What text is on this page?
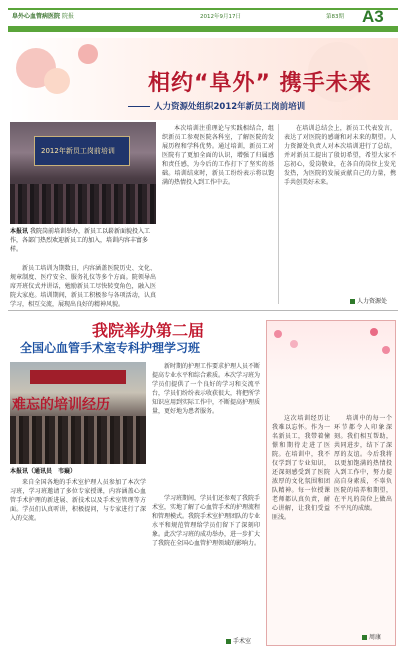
阜外心血管病医院 院报	2012年9月17日	第83期 A3
相约“阜外” 携手未来
人力资源处组织2012年新员工岗前培训
2012年新员工岗前培训
本报讯 我院岗前培训举办，新员工以崭新面貌投入工作，各部门热烈欢迎新员工的加入，培训内容丰富多样。

新员工培训为期数日，内容涵盖医院历史、文化、规章制度、医疗安全、服务礼仪等多个方面。院领导出席开班仪式并讲话，勉励新员工尽快转变角色，融入医院大家庭。培训期间，新员工积极参与各项活动，认真学习，相互交流，展现出良好的精神风貌。

本次培训注重理论与实践相结合，组织新员工参观医院各科室，了解医院的发展历程和学科优势。通过培训，新员工对医院有了更加全面的认识，增强了归属感和责任感，为今后的工作打下了坚实的基础。培训结束时，新员工纷纷表示将以饱满的热情投入到工作中去。

在培训总结会上，新员工代表发言，表达了对医院的感谢和对未来的期望。人力资源处负责人对本次培训进行了总结，并对新员工提出了殷切希望，希望大家不忘初心，爱岗敬业，在各自的岗位上发光发热，为医院的发展贡献自己的力量，携手共创美好未来。

人力资源处
我院举办第二届
全国心血管手术室专科护理学习班
本报讯（通讯员　韦嶷）

来自全国各地的手术室护理人员参加了本次学习班，学习班邀请了多位专家授课，内容涵盖心血管手术护理的新进展、新技术以及手术室管理等方面。学员们认真听讲，积极提问，与专家进行了深入的交流。

新时期的护理工作要求护理人员不断提高专业水平和综合素质。本次学习班为学员们提供了一个良好的学习和交流平台，学员们纷纷表示收获很大，将把所学知识应用到实际工作中，不断提高护理质量，更好地为患者服务。

学习班期间，学员们还参观了我院手术室，实地了解了心血管手术的护理流程和管理模式。我院手术室护理团队的专业水平和规范管理给学员们留下了深刻印象。此次学习班的成功举办，进一步扩大了我院在全国心血管护理领域的影响力。

手术室
难忘的培训经历

这次培训经历让我难以忘怀。作为一名新员工，我带着憧憬和期待走进了医院。在培训中，我不仅学到了专业知识，还深刻感受到了医院浓厚的文化氛围和团队精神。每一位授课老师都认真负责，耐心讲解，让我们受益匪浅。

培训中的每一个环节都令人印象深刻。我们相互帮助，共同进步，结下了深厚的友谊。今后我将以更加饱满的热情投入到工作中，努力提高自身素质，不辜负医院的培养和期望，在平凡的岗位上做出不平凡的成绩。

周康
